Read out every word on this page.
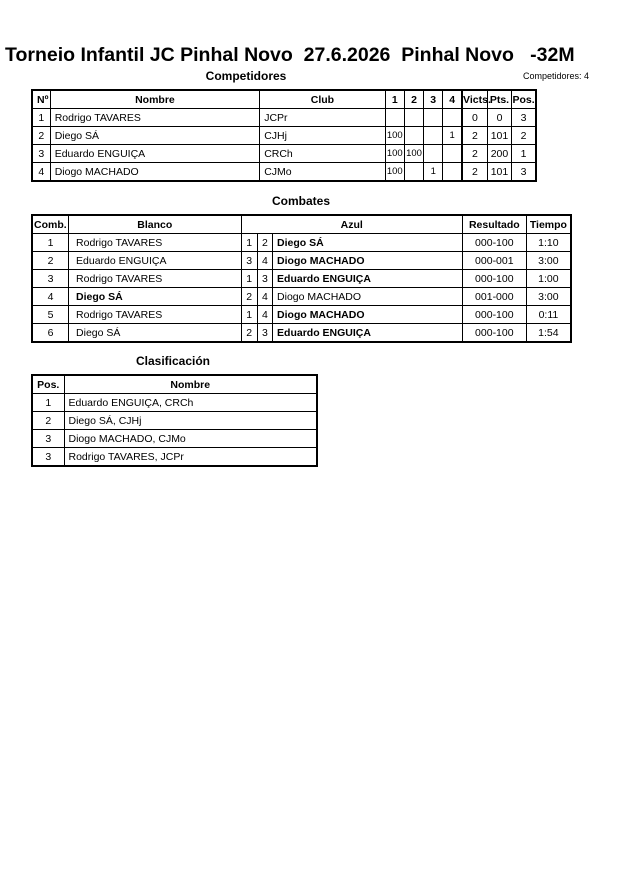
Torneio Infantil JC Pinhal Novo  27.6.2026  Pinhal Novo   -32M
Competidores	Competidores: 4
Nº	Nombre	Club	1	2	3	4	Victs.	Pts.	Pos.
1	Rodrigo TAVARES	JCPr					0	0	3
2	Diego SÁ	CJHj	100			1	2	101	2
3	Eduardo ENGUIÇA	CRCh	100	100			2	200	1
4	Diogo MACHADO	CJMo	100		1		2	101	3
Combates
Comb.	Blanco	Azul			Resultado	Tiempo
1	Rodrigo TAVARES	1	2	Diego SÁ	000-100	1:10
2	Eduardo ENGUIÇA	3	4	Diogo MACHADO	000-001	3:00
3	Rodrigo TAVARES	1	3	Eduardo ENGUIÇA	000-100	1:00
4	Diego SÁ	2	4	Diogo MACHADO	001-000	3:00
5	Rodrigo TAVARES	1	4	Diogo MACHADO	000-100	0:11
6	Diego SÁ	2	3	Eduardo ENGUIÇA	000-100	1:54
Clasificación
Pos.	Nombre
1	Eduardo ENGUIÇA, CRCh
2	Diego SÁ, CJHj
3	Diogo MACHADO, CJMo
3	Rodrigo TAVARES, JCPr
